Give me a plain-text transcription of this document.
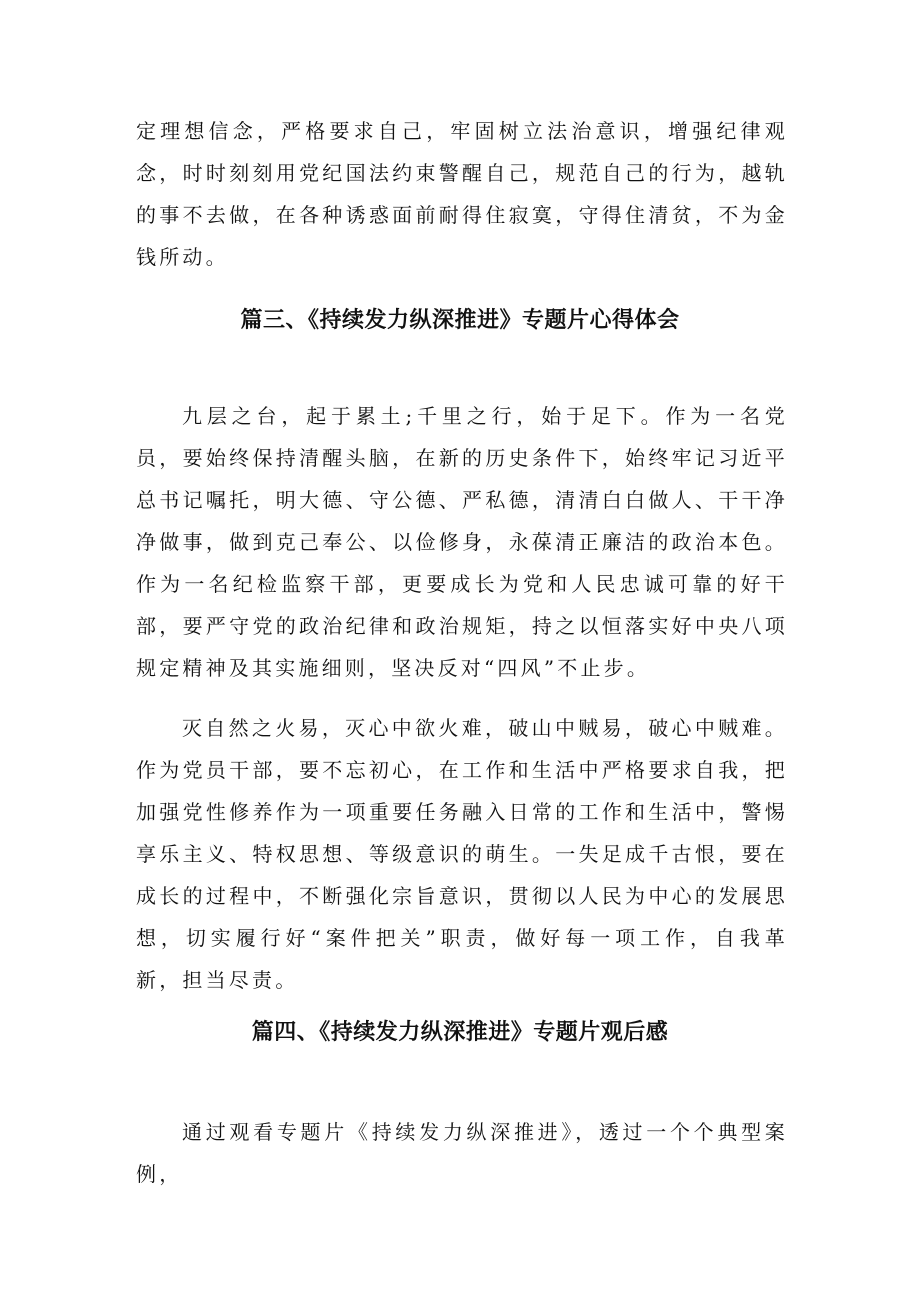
定理想信念，严格要求自己，牢固树立法治意识，增强纪律观念，时时刻刻用党纪国法约束警醒自己，规范自己的行为，越轨的事不去做，在各种诱惑面前耐得住寂寞，守得住清贫，不为金钱所动。

篇三、《持续发力纵深推进》专题片心得体会

九层之台，起于累土;千里之行，始于足下。作为一名党员，要始终保持清醒头脑，在新的历史条件下，始终牢记习近平总书记嘱托，明大德、守公德、严私德，清清白白做人、干干净净做事，做到克己奉公、以俭修身，永葆清正廉洁的政治本色。作为一名纪检监察干部，更要成长为党和人民忠诚可靠的好干部，要严守党的政治纪律和政治规矩，持之以恒落实好中央八项规定精神及其实施细则，坚决反对“四风”不止步。

灭自然之火易，灭心中欲火难，破山中贼易，破心中贼难。作为党员干部，要不忘初心，在工作和生活中严格要求自我，把加强党性修养作为一项重要任务融入日常的工作和生活中，警惕享乐主义、特权思想、等级意识的萌生。一失足成千古恨，要在成长的过程中，不断强化宗旨意识，贯彻以人民为中心的发展思想，切实履行好“案件把关”职责，做好每一项工作，自我革新，担当尽责。

篇四、《持续发力纵深推进》专题片观后感

通过观看专题片《持续发力纵深推进》，透过一个个典型案例，
